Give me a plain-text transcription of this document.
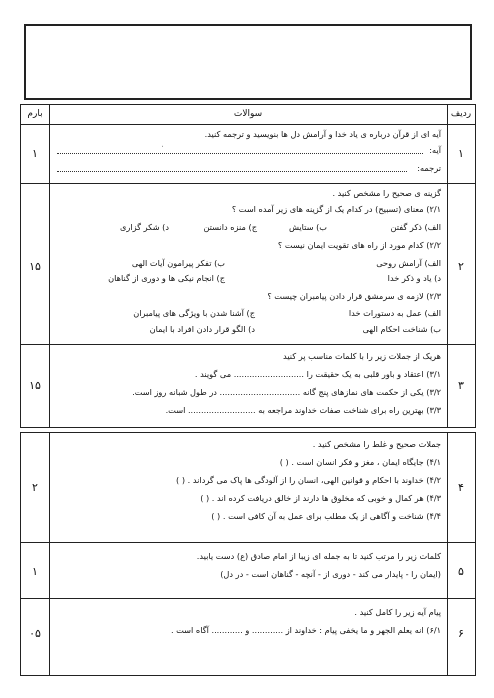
بارم	سوالات	ردیف
۱	۱
آیه ای از قرآن درباره ی یاد خدا و آرامش دل ها بنویسید و ترجمه کنید.
آیه:
۰
ترجمه:
۱۵	۲
گزینه ی صحیح را مشخص کنید .
۲/۱) معنای (تسبیح) در کدام یک از گزینه های زیر آمده است ؟
الف) ذکر گفتن
ب) ستایش
ج) منزه دانستن
د) شکر گزاری
۲/۲) کدام مورد از راه های تقویت ایمان نیست ؟
الف) آرامش روحی
ب) تفکر پیرامون آیات الهی
ج) انجام نیکی ها و دوری از گناهان	د) یاد و ذکر خدا
۲/۳) لازمه ی سرمشق قرار دادن پیامبران چیست ؟
الف) عمل به دستورات خدا
ج) آشنا شدن با ویژگی های پیامبران
ب) شناخت احکام الهی
د) الگو قرار دادن افراد با ایمان
۱۵	۳
هریک از جملات زیر را با کلمات مناسب پر کنید
۳/۱) اعتقاد و باور قلبی به یک حقیقت را ........................... می گویند .
۳/۲) یکی از حکمت های نمازهای پنج گانه ............................... در طول شبانه روز است.
۳/۳) بهترین راه برای شناخت صفات خداوند مراجعه به .......................... است.
۲	۴
جملات صحیح و غلط را مشخص کنید .
۴/۱) جایگاه ایمان ، مغز و فکر انسان است . ( )
۴/۲) خداوند با احکام و قوانین الهی، انسان را از آلودگی ها پاک می گرداند . ( )
۴/۳) هر کمال و خوبی که مخلوق ها دارند از خالق دریافت کرده اند . ( )
۴/۴) شناخت و آگاهی از یک مطلب برای عمل به آن کافی است . ( )
۱	۵
کلمات زیر را مرتب کنید تا به جمله ای زیبا از امام صادق (ع) دست یابید.
(ایمان را - پایدار می کند - دوری از - آنچه - گناهان است - در دل)
۰۵	۶
پیام آیه زیر را کامل کنید .
۶/۱) انه یعلم الجهر و ما یخفی پیام : خداوند از ............ و ............ آگاه است .
